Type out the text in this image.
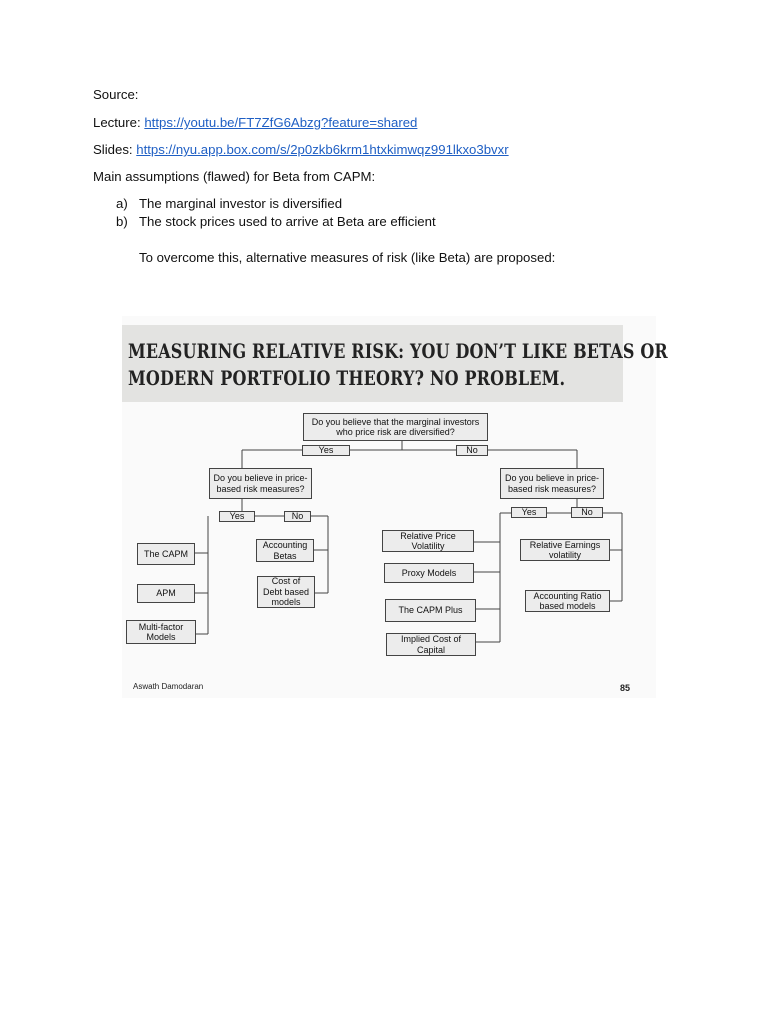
Source:
Lecture: https://youtu.be/FT7ZfG6Abzg?feature=shared
Slides: https://nyu.app.box.com/s/2p0zkb6krm1htxkimwqz991lkxo3bvxr
Main assumptions (flawed) for Beta from CAPM:
a) The marginal investor is diversified
b) The stock prices used to arrive at Beta are efficient
To overcome this, alternative measures of risk (like Beta) are proposed:
MEASURING RELATIVE RISK: YOU DON’T LIKE BETAS OR
MODERN PORTFOLIO THEORY? NO PROBLEM.
Do you believe that the marginal investors who price risk are diversified?
Yes	No
Do you believe in price-based risk measures?
Yes	No
The CAPM
APM
Multi-factor Models
Accounting Betas
Cost of Debt based models
Do you believe in price-based risk measures?
Yes	No
Relative Price Volatility
Proxy Models
The CAPM Plus
Implied Cost of Capital
Relative Earnings volatility
Accounting Ratio based models
Aswath Damodaran	85
